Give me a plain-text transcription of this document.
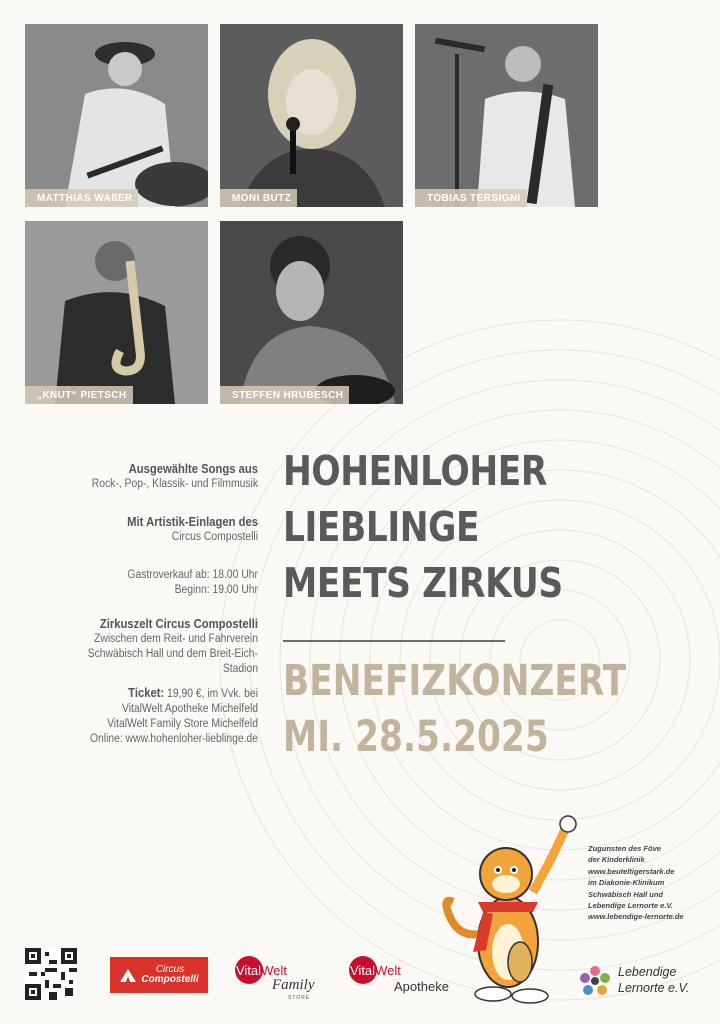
MATTHIAS WAßER	MONI BUTZ	TOBIAS TERSIGNI
„KNUT“ PIETSCH	STEFFEN HRUBESCH
Ausgewählte Songs aus
Rock-, Pop-, Klassik- und Filmmusik
Mit Artistik-Einlagen des
Circus Compostelli
Gastroverkauf ab: 18.00 Uhr
Beginn: 19.00 Uhr
Zirkuszelt Circus Compostelli
Zwischen dem Reit- und Fahrverein
Schwäbisch Hall und dem Breit-Eich-Stadion
Ticket: 19,90 €, im Vvk. bei
VitalWelt Apotheke Michelfeld
VitalWelt Family Store Michelfeld
Online: www.hohenloher-lieblinge.de
HOHENLOHER
LIEBLINGE
MEETS ZIRKUS
BENEFIZKONZERT
MI. 28.5.2025
Zugunsten des Föve
der Kinderklinik
www.beuteltigerstark.de
im Diakonie-Klinikum
Schwäbisch Hall und
Lebendige Lernorte e.V.
www.lebendige-lernorte.de
Circus
Compostelli
VitalWelt
Family
STORE
VitalWelt
Apotheke
Lebendige
Lernorte e.V.
